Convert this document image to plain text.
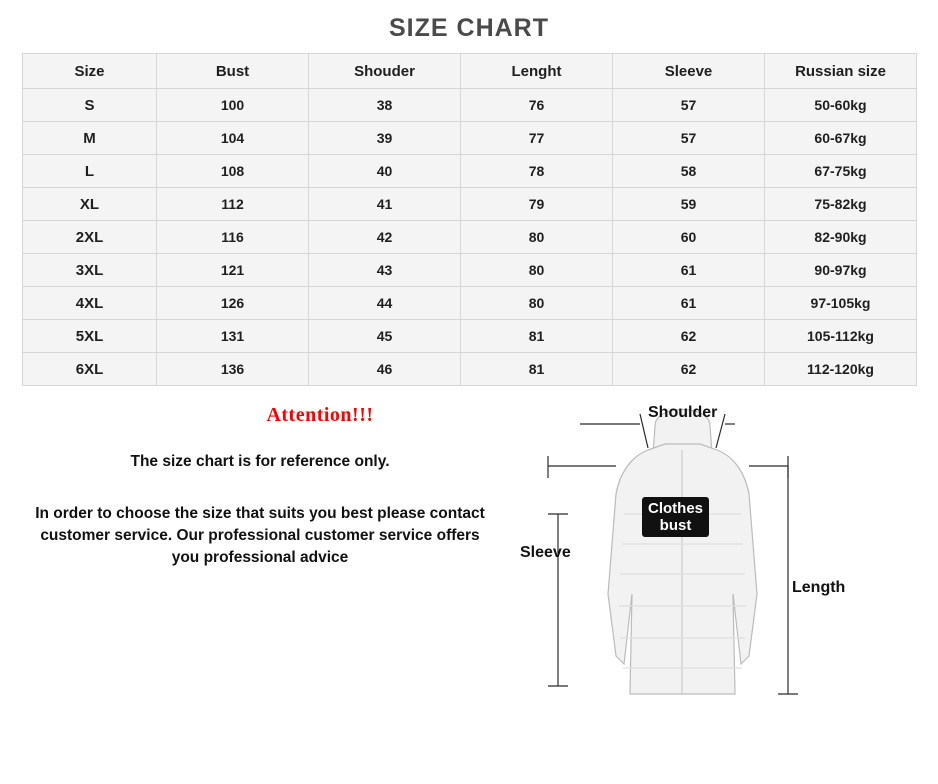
SIZE CHART
Size	Bust	Shouder	Lenght	Sleeve	Russian size
S	100	38	76	57	50-60kg
M	104	39	77	57	60-67kg
L	108	40	78	58	67-75kg
XL	112	41	79	59	75-82kg
2XL	116	42	80	60	82-90kg
3XL	121	43	80	61	90-97kg
4XL	126	44	80	61	97-105kg
5XL	131	45	81	62	105-112kg
6XL	136	46	81	62	112-120kg
Attention!!!
The size chart is for reference only.
In order to choose the size that suits you best please contact customer service. Our professional customer service offers you professional advice
Shoulder
Sleeve
Length
Clothes
bust
